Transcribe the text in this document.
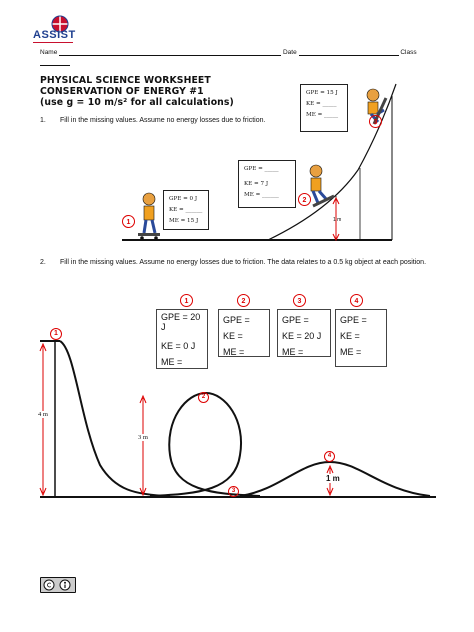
ASSIST
Name	Date	Class
PHYSICAL SCIENCE WORKSHEET
CONSERVATION OF ENERGY #1
(use g = 10 m/s² for all calculations)
1. Fill in the missing values. Assume no energy losses due to friction.
1 m
1
2
3
GPE = 0 J
KE = ______
ME = 15 J
GPE = _____
KE = 7 J
ME = ______
GPE = 15 J
KE = _____
ME = _____
2. Fill in the missing values. Assume no energy losses due to friction. The data relates to a 0.5 kg object at each position.
1	2	3	4
GPE = 20 J
KE = 0 J
ME =
GPE =
KE =
ME =
GPE =
KE = 20 J
ME =
GPE =
KE =
ME =
4 m
3 m
1 m
1
2
3
4
